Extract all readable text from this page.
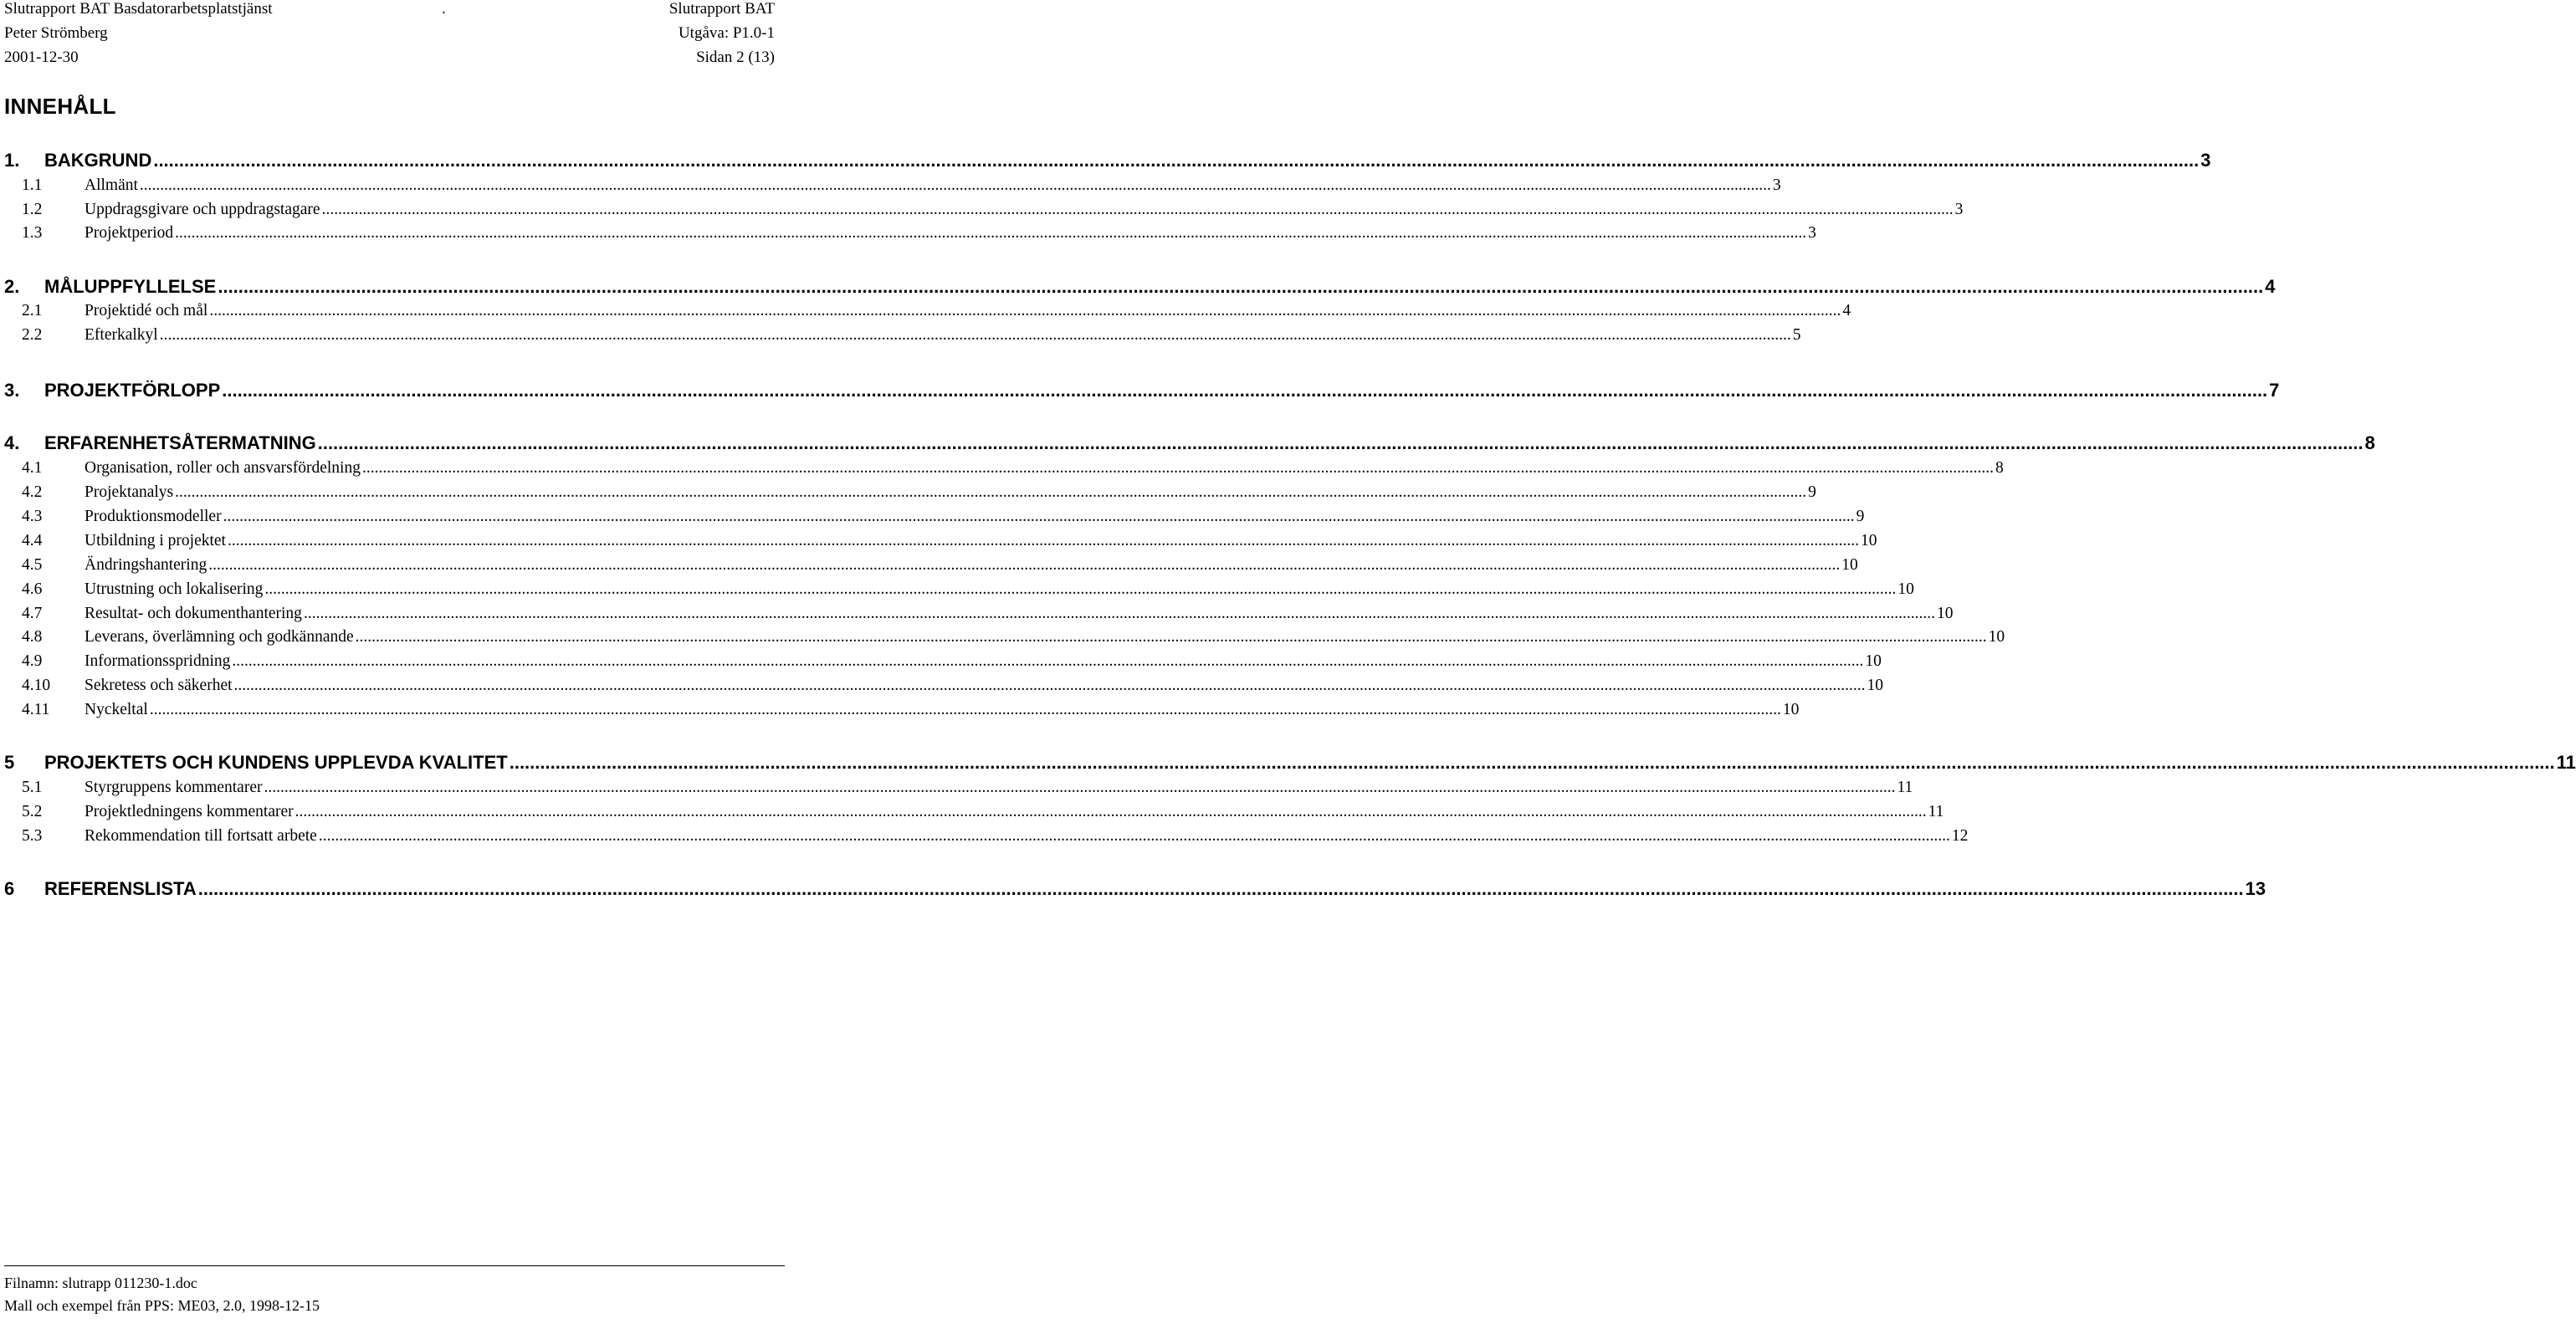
Slutrapport BAT Basdatorarbetsplatstjänst	.	Slutrapport BAT
Peter Strömberg	Utgåva: P1.0-1
2001-12-30	Sidan 2 (13)
INNEHÅLL
1.	BAKGRUND ................................................................................................................................................................................................................................................................................................................................................................................................................ 3
1.1	Allmänt ................................................................................................................................................................................................................................................................................................................................................................................................................ 3
1.2	Uppdragsgivare och uppdragstagare ................................................................................................................................................................................................................................................................................................................................................................................................................ 3
1.3	Projektperiod ................................................................................................................................................................................................................................................................................................................................................................................................................ 3
2.	MÅLUPPFYLLELSE ................................................................................................................................................................................................................................................................................................................................................................................................................ 4
2.1	Projektidé och mål ................................................................................................................................................................................................................................................................................................................................................................................................................ 4
2.2	Efterkalkyl ................................................................................................................................................................................................................................................................................................................................................................................................................ 5
3.	PROJEKTFÖRLOPP ................................................................................................................................................................................................................................................................................................................................................................................................................ 7
4.	ERFARENHETSÅTERMATNING ................................................................................................................................................................................................................................................................................................................................................................................................................ 8
4.1	Organisation, roller och ansvarsfördelning ................................................................................................................................................................................................................................................................................................................................................................................................................ 8
4.2	Projektanalys ................................................................................................................................................................................................................................................................................................................................................................................................................ 9
4.3	Produktionsmodeller ................................................................................................................................................................................................................................................................................................................................................................................................................ 9
4.4	Utbildning i projektet ................................................................................................................................................................................................................................................................................................................................................................................................................ 10
4.5	Ändringshantering ................................................................................................................................................................................................................................................................................................................................................................................................................ 10
4.6	Utrustning och lokalisering ................................................................................................................................................................................................................................................................................................................................................................................................................ 10
4.7	Resultat- och dokumenthantering ................................................................................................................................................................................................................................................................................................................................................................................................................ 10
4.8	Leverans, överlämning och godkännande ................................................................................................................................................................................................................................................................................................................................................................................................................ 10
4.9	Informationsspridning ................................................................................................................................................................................................................................................................................................................................................................................................................ 10
4.10	Sekretess och säkerhet ................................................................................................................................................................................................................................................................................................................................................................................................................ 10
4.11	Nyckeltal ................................................................................................................................................................................................................................................................................................................................................................................................................ 10
5	PROJEKTETS OCH KUNDENS UPPLEVDA KVALITET ................................................................................................................................................................................................................................................................................................................................................................................................................ 11
5.1	Styrgruppens kommentarer ................................................................................................................................................................................................................................................................................................................................................................................................................ 11
5.2	Projektledningens kommentarer ................................................................................................................................................................................................................................................................................................................................................................................................................ 11
5.3	Rekommendation till fortsatt arbete ................................................................................................................................................................................................................................................................................................................................................................................................................ 12
6	REFERENSLISTA ................................................................................................................................................................................................................................................................................................................................................................................................................ 13
Filnamn: slutrapp 011230-1.doc
Mall och exempel från PPS: ME03, 2.0, 1998-12-15
